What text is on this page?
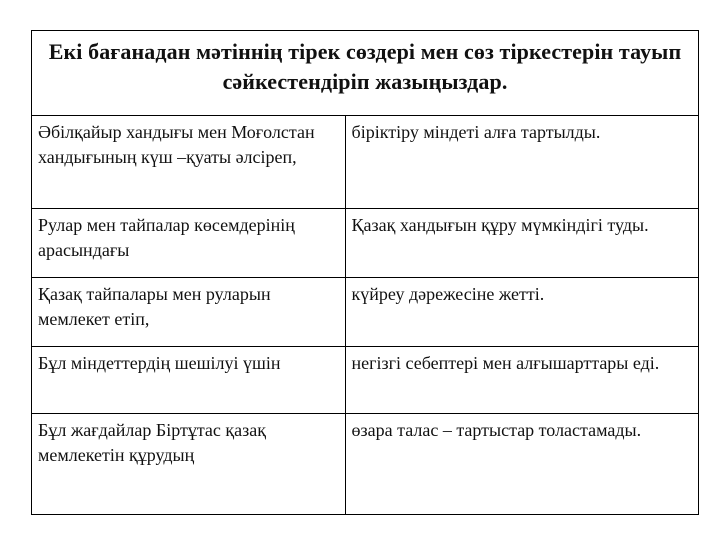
Екі бағанадан мәтіннің тірек сөздері мен сөз тіркестерін тауып сәйкестендіріп жазыңыздар.	
Әбілқайыр хандығы мен Моғолстан хандығының күш –қуаты әлсіреп,	біріктіру міндеті алға тартылды.
Рулар мен тайпалар көсемдерінің арасындағы	Қазақ хандығын құру мүмкіндігі туды.
Қазақ тайпалары мен руларын мемлекет етіп,	күйреу дәрежесіне жетті.
Бұл міндеттердің шешілуі үшін	негізгі себептері мен алғышарттары еді.
Бұл жағдайлар Біртұтас қазақ мемлекетін құрудың	өзара талас – тартыстар толастамады.
